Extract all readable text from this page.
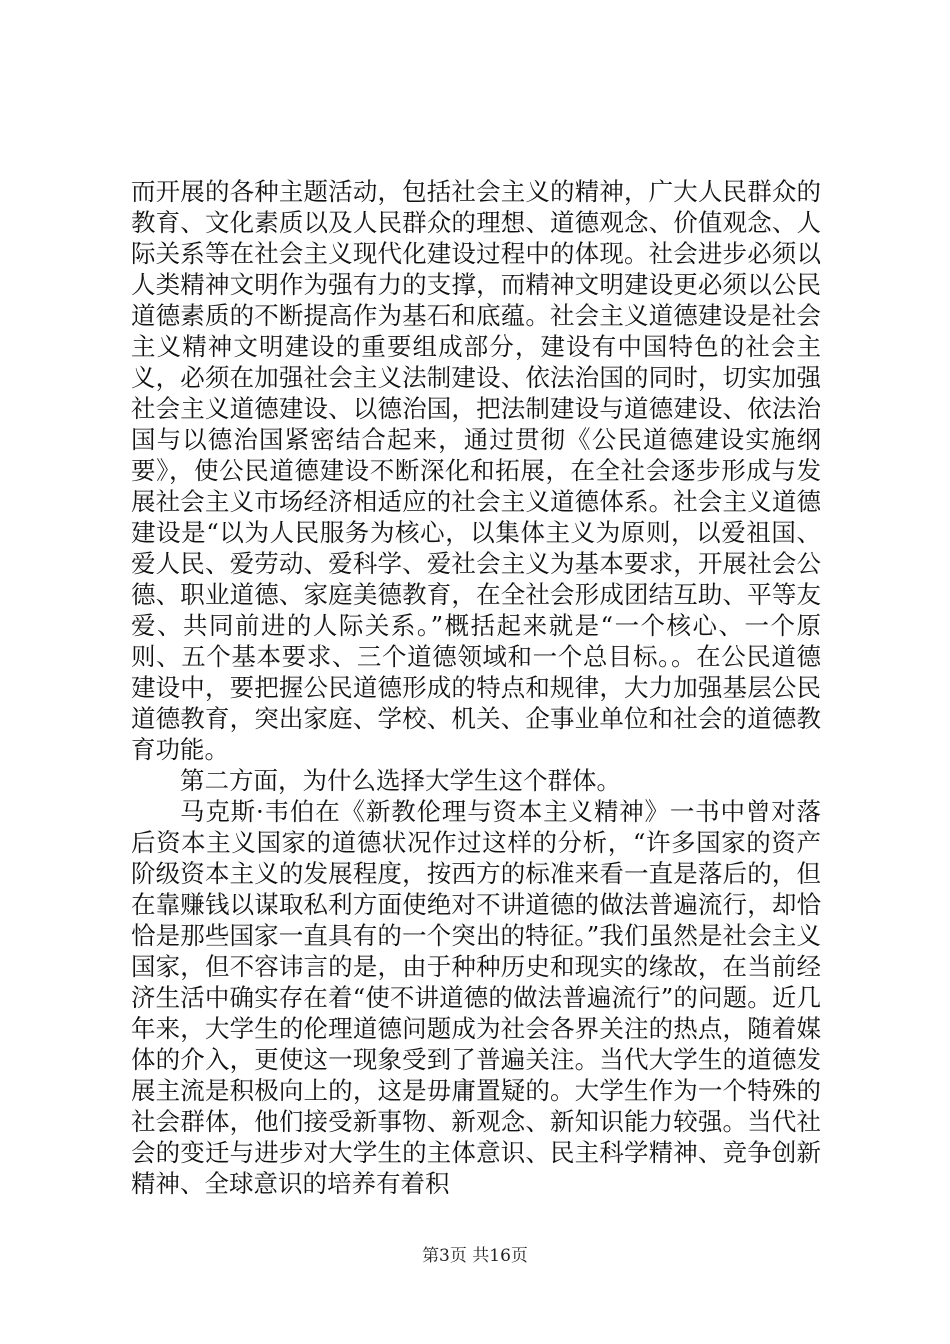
而开展的各种主题活动，包括社会主义的精神，广大人民群众的教育、文化素质以及人民群众的理想、道德观念、价值观念、人际关系等在社会主义现代化建设过程中的体现。社会进步必须以人类精神文明作为强有力的支撑，而精神文明建设更必须以公民道德素质的不断提高作为基石和底蕴。社会主义道德建设是社会主义精神文明建设的重要组成部分，建设有中国特色的社会主义，必须在加强社会主义法制建设、依法治国的同时，切实加强社会主义道德建设、以德治国，把法制建设与道德建设、依法治国与以德治国紧密结合起来，通过贯彻《公民道德建设实施纲要》，使公民道德建设不断深化和拓展，在全社会逐步形成与发展社会主义市场经济相适应的社会主义道德体系。社会主义道德建设是“以为人民服务为核心，以集体主义为原则，以爱祖国、爱人民、爱劳动、爱科学、爱社会主义为基本要求，开展社会公德、职业道德、家庭美德教育，在全社会形成团结互助、平等友爱、共同前进的人际关系。”概括起来就是“一个核心、一个原则、五个基本要求、三个道德领域和一个总目标。。在公民道德建设中，要把握公民道德形成的特点和规律，大力加强基层公民道德教育，突出家庭、学校、机关、企事业单位和社会的道德教育功能。

第二方面，为什么选择大学生这个群体。

马克斯·韦伯在《新教伦理与资本主义精神》一书中曾对落后资本主义国家的道德状况作过这样的分析，“许多国家的资产阶级资本主义的发展程度，按西方的标准来看一直是落后的，但在靠赚钱以谋取私利方面使绝对不讲道德的做法普遍流行，却恰恰是那些国家一直具有的一个突出的特征。”我们虽然是社会主义国家，但不容讳言的是，由于种种历史和现实的缘故，在当前经济生活中确实存在着“使不讲道德的做法普遍流行”的问题。近几年来，大学生的伦理道德问题成为社会各界关注的热点，随着媒体的介入，更使这一现象受到了普遍关注。当代大学生的道德发展主流是积极向上的，这是毋庸置疑的。大学生作为一个特殊的社会群体，他们接受新事物、新观念、新知识能力较强。当代社会的变迁与进步对大学生的主体意识、民主科学精神、竞争创新精神、全球意识的培养有着积

第3页 共16页
